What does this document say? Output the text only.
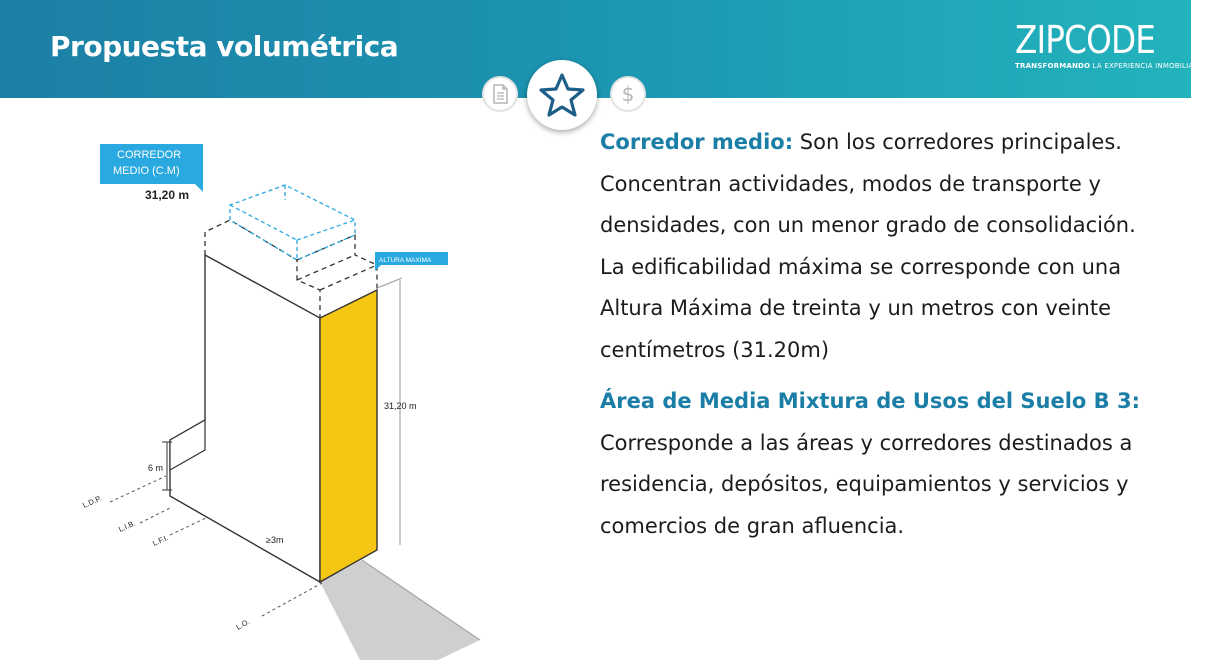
Propuesta volumétrica	ZIPCODE
TRANSFORMANDO LA EXPERIENCIA INMOBILIARIA
$
31,20 m
CORREDOR
MEDIO (C.M)
31,20 m
ALTURA MAXIMA
6 m
≥3m
L.D.P.
L.I.B.
L.F.I.
L.O.

Corredor medio: Son los corredores principales. Concentran actividades, modos de transporte y densidades, con un menor grado de consolidación. La edificabilidad máxima se corresponde con una Altura Máxima de treinta y un metros con veinte centímetros (31.20m)

Área de Media Mixtura de Usos del Suelo B 3:
Corresponde a las áreas y corredores destinados a residencia, depósitos, equipamientos y servicios y comercios de gran afluencia.
